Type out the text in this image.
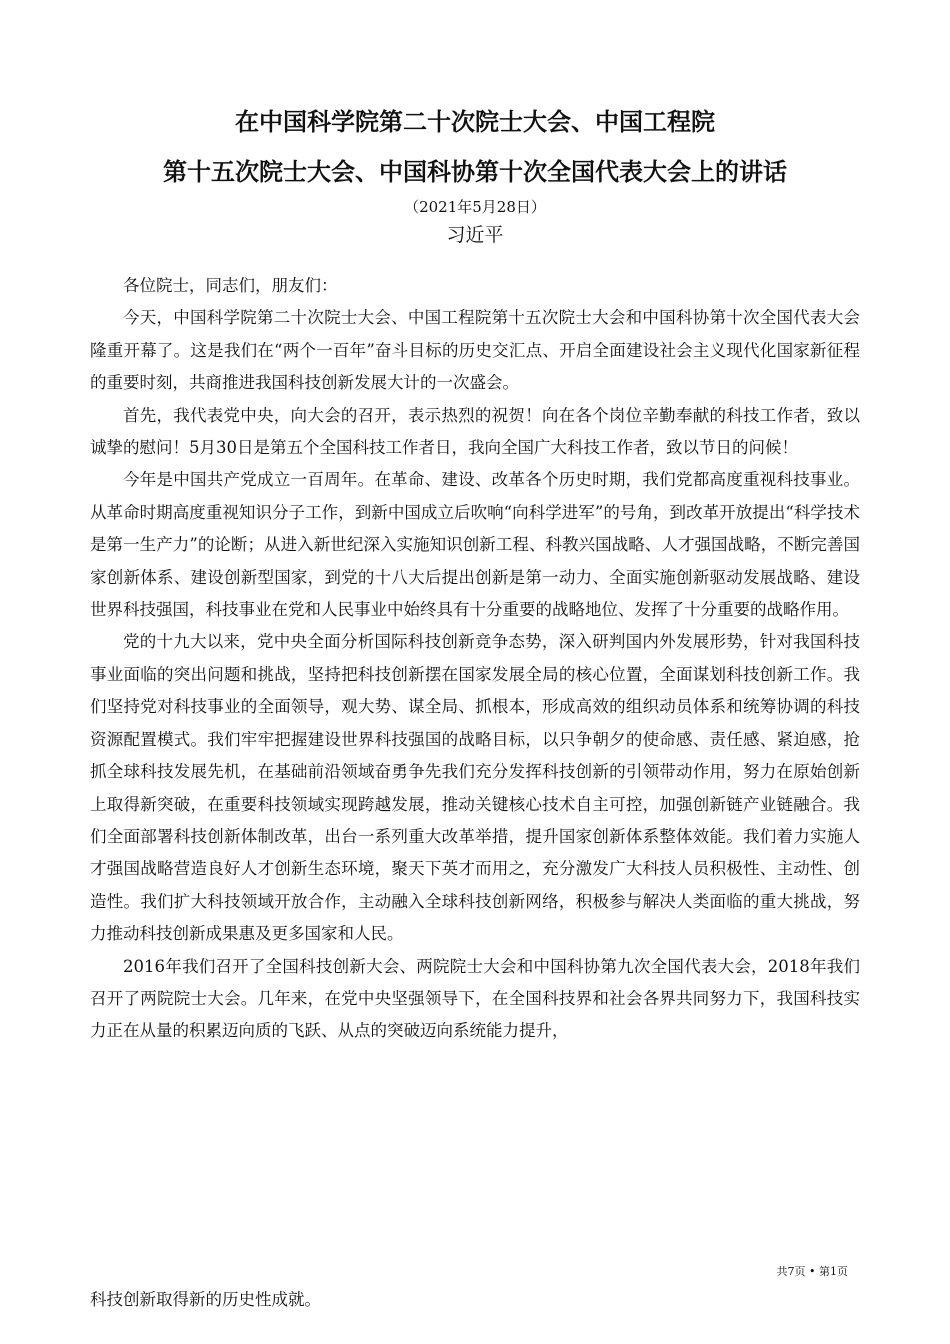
在中国科学院第二十次院士大会、中国工程院
第十五次院士大会、中国科协第十次全国代表大会上的讲话
（2021年5月28日）
习近平

各位院士，同志们，朋友们：

今天，中国科学院第二十次院士大会、中国工程院第十五次院士大会和中国科协第十次全国代表大会隆重开幕了。这是我们在“两个一百年”奋斗目标的历史交汇点、开启全面建设社会主义现代化国家新征程的重要时刻，共商推进我国科技创新发展大计的一次盛会。

首先，我代表党中央，向大会的召开，表示热烈的祝贺！向在各个岗位辛勤奉献的科技工作者，致以诚挚的慰问！5月30日是第五个全国科技工作者日，我向全国广大科技工作者，致以节日的问候！

今年是中国共产党成立一百周年。在革命、建设、改革各个历史时期，我们党都高度重视科技事业。从革命时期高度重视知识分子工作，到新中国成立后吹响“向科学进军”的号角，到改革开放提出“科学技术是第一生产力”的论断；从进入新世纪深入实施知识创新工程、科教兴国战略、人才强国战略，不断完善国家创新体系、建设创新型国家，到党的十八大后提出创新是第一动力、全面实施创新驱动发展战略、建设世界科技强国，科技事业在党和人民事业中始终具有十分重要的战略地位、发挥了十分重要的战略作用。

党的十九大以来，党中央全面分析国际科技创新竞争态势，深入研判国内外发展形势，针对我国科技事业面临的突出问题和挑战，坚持把科技创新摆在国家发展全局的核心位置，全面谋划科技创新工作。我们坚持党对科技事业的全面领导，观大势、谋全局、抓根本，形成高效的组织动员体系和统筹协调的科技资源配置模式。我们牢牢把握建设世界科技强国的战略目标，以只争朝夕的使命感、责任感、紧迫感，抢抓全球科技发展先机，在基础前沿领域奋勇争先我们充分发挥科技创新的引领带动作用，努力在原始创新上取得新突破，在重要科技领域实现跨越发展，推动关键核心技术自主可控，加强创新链产业链融合。我们全面部署科技创新体制改革，出台一系列重大改革举措，提升国家创新体系整体效能。我们着力实施人才强国战略营造良好人才创新生态环境，聚天下英才而用之，充分激发广大科技人员积极性、主动性、创造性。我们扩大科技领域开放合作，主动融入全球科技创新网络，积极参与解决人类面临的重大挑战，努力推动科技创新成果惠及更多国家和人民。

2016年我们召开了全国科技创新大会、两院院士大会和中国科协第九次全国代表大会，2018年我们召开了两院院士大会。几年来，在党中央坚强领导下，在全国科技界和社会各界共同努力下，我国科技实力正在从量的积累迈向质的飞跃、从点的突破迈向系统能力提升，

共7页 • 第1页
科技创新取得新的历史性成就。
